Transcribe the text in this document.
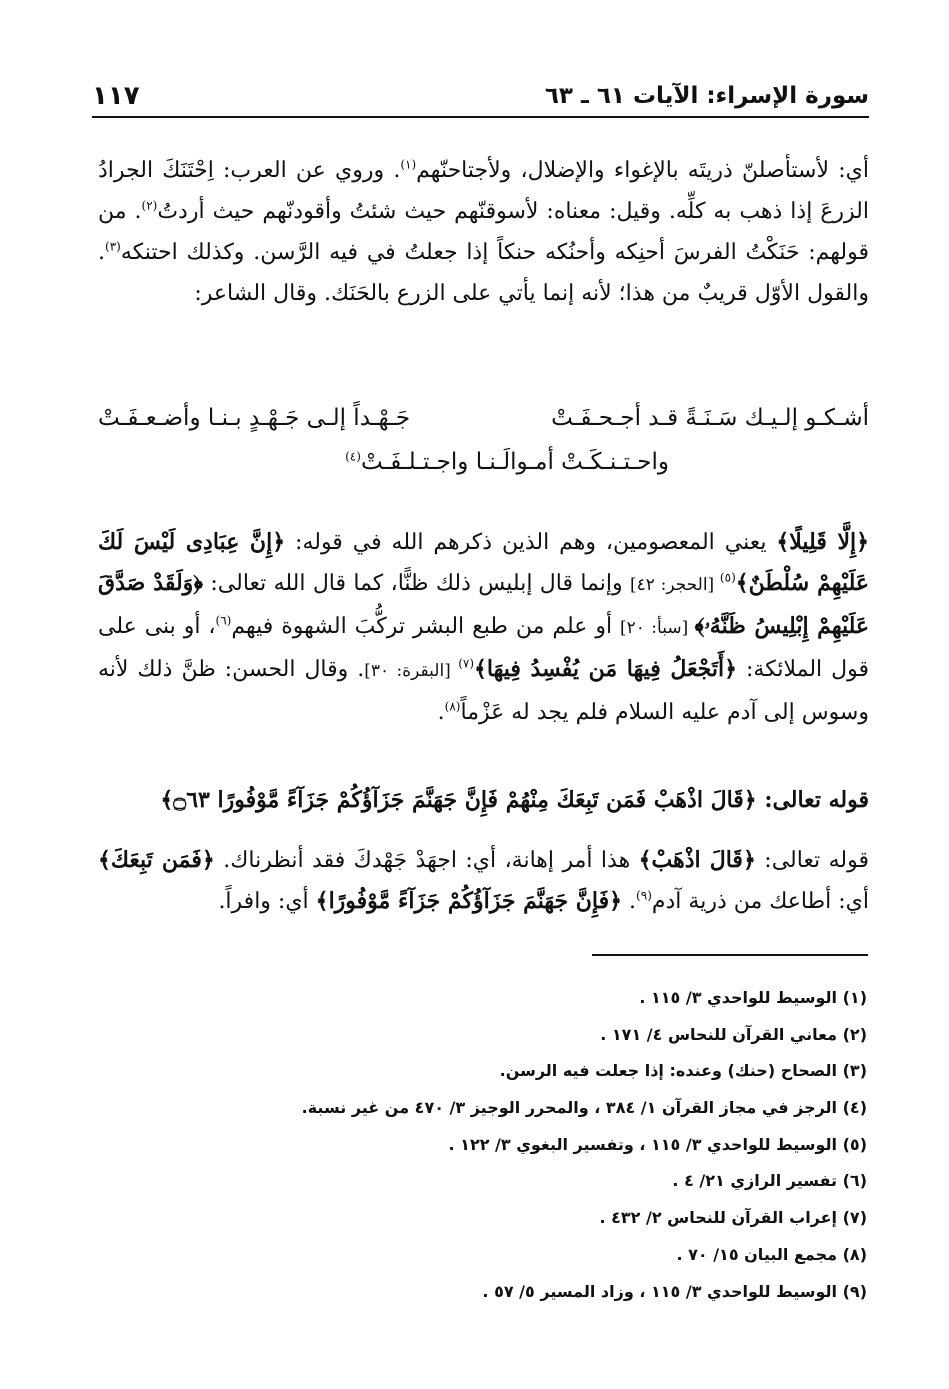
سورة الإسراء: الآيات ٦١ ـ ٦٣
١١٧

أي: لأستأصلنّ ذريتَه بالإغواء والإضلال، ولأجتاحنّهم$^{(١)}$. وروي عن العرب: اِحْتَنَكَ الجرادُ الزرعَ إذا ذهب به كلِّه. وقيل: معناه: لأسوقنّهم حيث شئتُ وأقودنّهم حيث أردتُ$^{(٢)}$. من قولهم: حَنَكْتُ الفرسَ أحنِكه وأحنُكه حنكاً إذا جعلتُ في فيه الرَّسن. وكذلك احتنكه$^{(٣)}$. والقول الأوّل قريبٌ من هذا؛ لأنه إنما يأتي على الزرع بالحَنَك. وقال الشاعر:

أشـكـو إلـيـك سَـنَـةً قـد أجـحـفَـتْ
جَـهْـداً إلـى جَـهْـدٍ بـنـا وأضـعـفَـتْ
واحـتـنـكَـتْ أمـوالَـنـا واجـتـلـفَـتْ$^{(٤)}$

﴿إِلَّا قَلِيلًا﴾ يعني المعصومين، وهم الذين ذكرهم الله في قوله: ﴿إِنَّ عِبَادِى لَيْسَ لَكَ عَلَيْهِمْ سُلْطَنٌ﴾$^{(٥)}$ [الحجر: ٤٢] وإنما قال إبليس ذلك ظنًّا، كما قال الله تعالى: ﴿وَلَقَدْ صَدَّقَ عَلَيْهِمْ إِبْلِيسُ ظَنَّهُۥ﴾ [سبأ: ٢٠] أو علم من طبع البشر تركُّبَ الشهوة فيهم$^{(٦)}$، أو بنى على قول الملائكة: ﴿أَتَجْعَلُ فِيهَا مَن يُفْسِدُ فِيهَا﴾$^{(٧)}$ [البقرة: ٣٠]. وقال الحسن: ظنَّ ذلك لأنه وسوس إلى آدم عليه السلام فلم يجد له عَزْماً$^{(٨)}$.

قوله تعالى: ﴿قَالَ اذْهَبْ فَمَن تَبِعَكَ مِنْهُمْ فَإِنَّ جَهَنَّمَ جَزَآؤُكُمْ جَزَآءً مَّوْفُورًا ۝٦٣﴾

قوله تعالى: ﴿قَالَ اذْهَبْ﴾ هذا أمر إهانة، أي: اجهَدْ جَهْدكَ فقد أنظرناك. ﴿فَمَن تَبِعَكَ﴾ أي: أطاعك من ذرية آدم$^{(٩)}$. ﴿فَإِنَّ جَهَنَّمَ جَزَآؤُكُمْ جَزَآءً مَّوْفُورًا﴾ أي: وافراً.

(١) الوسيط للواحدي ٣/ ١١٥ .
(٢) معاني القرآن للنحاس ٤/ ١٧١ .
(٣) الصحاح (حنك) وعنده: إذا جعلت فيه الرسن.
(٤) الرجز في مجاز القرآن ١/ ٣٨٤ ، والمحرر الوجيز ٣/ ٤٧٠ من غير نسبة.
(٥) الوسيط للواحدي ٣/ ١١٥ ، وتفسير البغوي ٣/ ١٢٢ .
(٦) تفسير الرازي ٢١/ ٤ .
(٧) إعراب القرآن للنحاس ٢/ ٤٣٢ .
(٨) مجمع البيان ١٥/ ٧٠ .
(٩) الوسيط للواحدي ٣/ ١١٥ ، وزاد المسير ٥/ ٥٧ .
